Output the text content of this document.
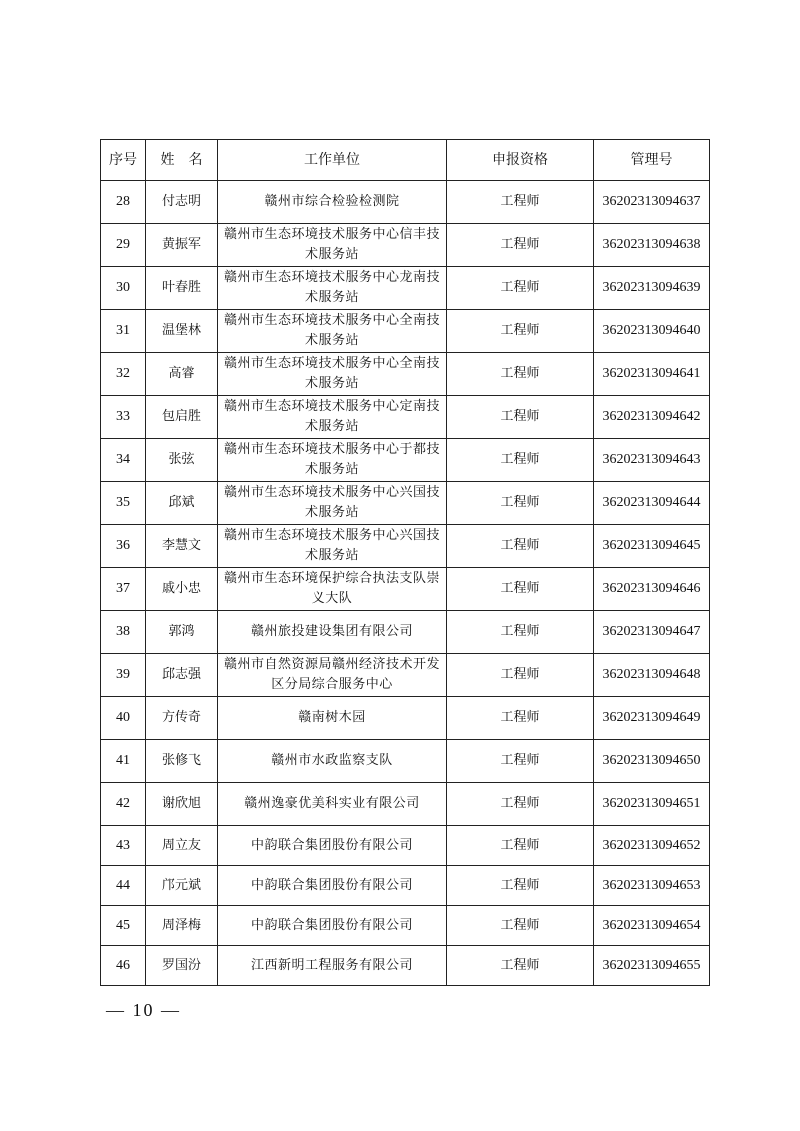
序号	姓　名	工作单位	申报资格	管理号
28	付志明	赣州市综合检验检测院	工程师	36202313094637
29	黄振军	赣州市生态环境技术服务中心信丰技术服务站	工程师	36202313094638
30	叶春胜	赣州市生态环境技术服务中心龙南技术服务站	工程师	36202313094639
31	温堡林	赣州市生态环境技术服务中心全南技术服务站	工程师	36202313094640
32	高睿	赣州市生态环境技术服务中心全南技术服务站	工程师	36202313094641
33	包启胜	赣州市生态环境技术服务中心定南技术服务站	工程师	36202313094642
34	张弦	赣州市生态环境技术服务中心于都技术服务站	工程师	36202313094643
35	邱斌	赣州市生态环境技术服务中心兴国技术服务站	工程师	36202313094644
36	李慧文	赣州市生态环境技术服务中心兴国技术服务站	工程师	36202313094645
37	戚小忠	赣州市生态环境保护综合执法支队崇义大队	工程师	36202313094646
38	郭鸿	赣州旅投建设集团有限公司	工程师	36202313094647
39	邱志强	赣州市自然资源局赣州经济技术开发区分局综合服务中心	工程师	36202313094648
40	方传奇	赣南树木园	工程师	36202313094649
41	张修飞	赣州市水政监察支队	工程师	36202313094650
42	谢欣旭	赣州逸豪优美科实业有限公司	工程师	36202313094651
43	周立友	中韵联合集团股份有限公司	工程师	36202313094652
44	邝元斌	中韵联合集团股份有限公司	工程师	36202313094653
45	周泽梅	中韵联合集团股份有限公司	工程师	36202313094654
46	罗国汾	江西新明工程服务有限公司	工程师	36202313094655
— 10 —
